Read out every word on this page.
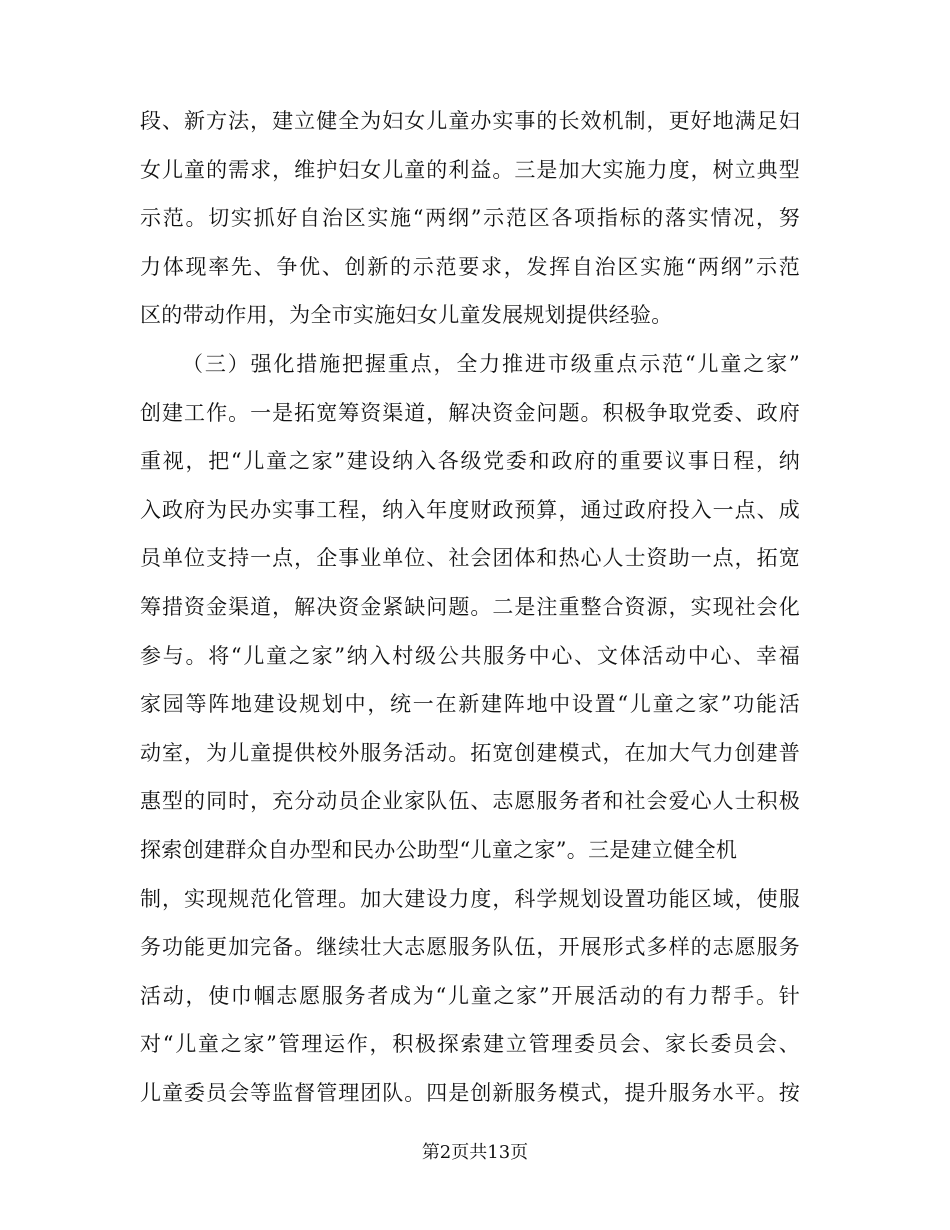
段、新方法，建立健全为妇女儿童办实事的长效机制，更好地满足妇
女儿童的需求，维护妇女儿童的利益。三是加大实施力度，树立典型
示范。切实抓好自治区实施“两纲”示范区各项指标的落实情况，努
力体现率先、争优、创新的示范要求，发挥自治区实施“两纲”示范
区的带动作用，为全市实施妇女儿童发展规划提供经验。
（三）强化措施把握重点，全力推进市级重点示范“儿童之家”
创建工作。一是拓宽筹资渠道，解决资金问题。积极争取党委、政府
重视，把“儿童之家”建设纳入各级党委和政府的重要议事日程，纳
入政府为民办实事工程，纳入年度财政预算，通过政府投入一点、成
员单位支持一点，企事业单位、社会团体和热心人士资助一点，拓宽
筹措资金渠道，解决资金紧缺问题。二是注重整合资源，实现社会化
参与。将“儿童之家”纳入村级公共服务中心、文体活动中心、幸福
家园等阵地建设规划中，统一在新建阵地中设置“儿童之家”功能活
动室，为儿童提供校外服务活动。拓宽创建模式，在加大气力创建普
惠型的同时，充分动员企业家队伍、志愿服务者和社会爱心人士积极
探索创建群众自办型和民办公助型“儿童之家”。三是建立健全机
制，实现规范化管理。加大建设力度，科学规划设置功能区域，使服
务功能更加完备。继续壮大志愿服务队伍，开展形式多样的志愿服务
活动，使巾帼志愿服务者成为“儿童之家”开展活动的有力帮手。针
对“儿童之家”管理运作，积极探索建立管理委员会、家长委员会、
儿童委员会等监督管理团队。四是创新服务模式，提升服务水平。按
第2页共13页
